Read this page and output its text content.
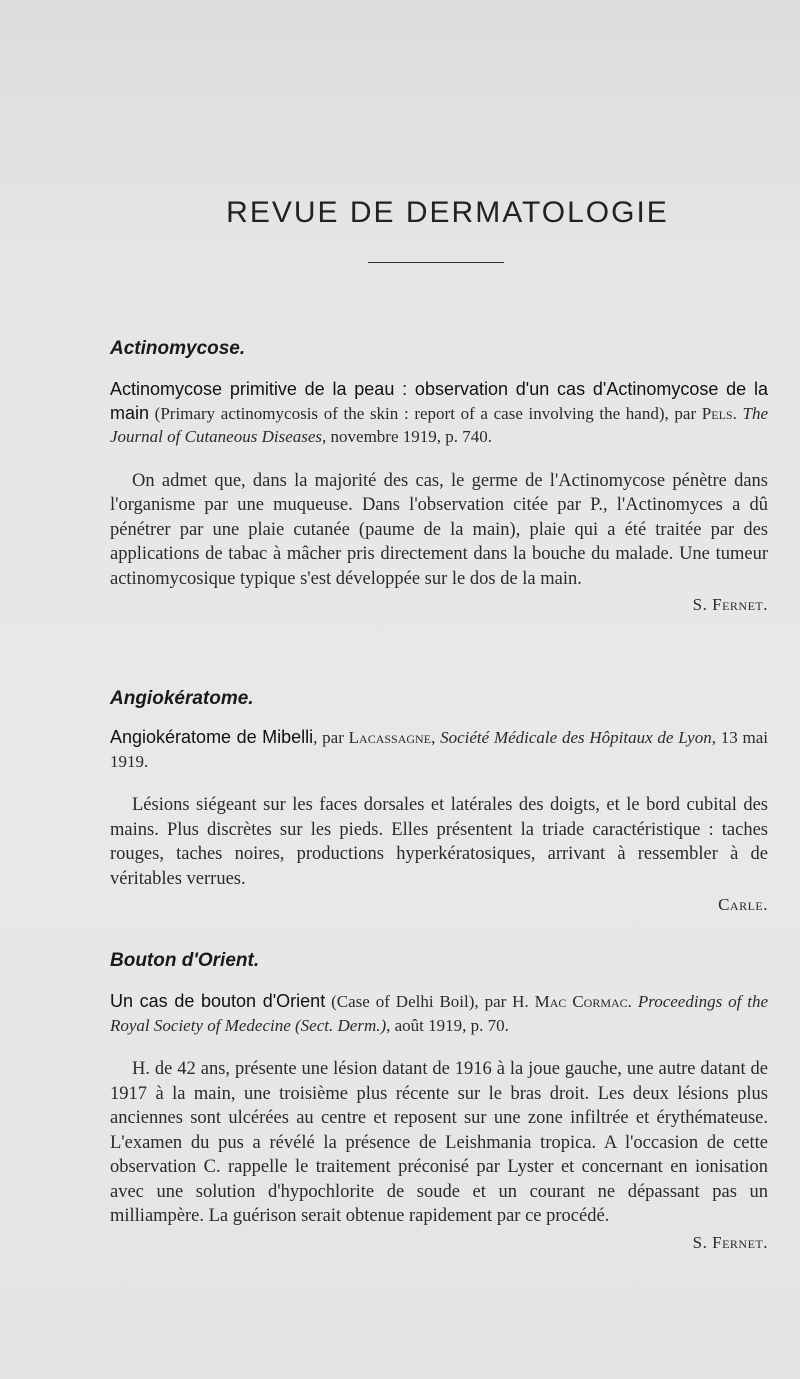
REVUE DE DERMATOLOGIE
Actinomycose.

Actinomycose primitive de la peau : observation d'un cas d'Actinomycose de la main (Primary actinomycosis of the skin : report of a case involving the hand), par Pels. The Journal of Cutaneous Diseases, novembre 1919, p. 740.

On admet que, dans la majorité des cas, le germe de l'Actinomycose pénètre dans l'organisme par une muqueuse. Dans l'observation citée par P., l'Actinomyces a dû pénétrer par une plaie cutanée (paume de la main), plaie qui a été traitée par des applications de tabac à mâcher pris directement dans la bouche du malade. Une tumeur actinomycosique typique s'est développée sur le dos de la main.

S. Fernet.

Angiokératome.

Angiokératome de Mibelli, par Lacassagne, Société Médicale des Hôpitaux de Lyon, 13 mai 1919.

Lésions siégeant sur les faces dorsales et latérales des doigts, et le bord cubital des mains. Plus discrètes sur les pieds. Elles présentent la triade caractéristique : taches rouges, taches noires, productions hyperkératosiques, arrivant à ressembler à de véritables verrues.

Carle.

Bouton d'Orient.

Un cas de bouton d'Orient (Case of Delhi Boil), par H. Mac Cormac. Proceedings of the Royal Society of Medecine (Sect. Derm.), août 1919, p. 70.

H. de 42 ans, présente une lésion datant de 1916 à la joue gauche, une autre datant de 1917 à la main, une troisième plus récente sur le bras droit. Les deux lésions plus anciennes sont ulcérées au centre et reposent sur une zone infiltrée et érythémateuse. L'examen du pus a révélé la présence de Leishmania tropica. A l'occasion de cette observation C. rappelle le traitement préconisé par Lyster et concernant en ionisation avec une solution d'hypochlorite de soude et un courant ne dépassant pas un milliampère. La guérison serait obtenue rapidement par ce procédé.

S. Fernet.
